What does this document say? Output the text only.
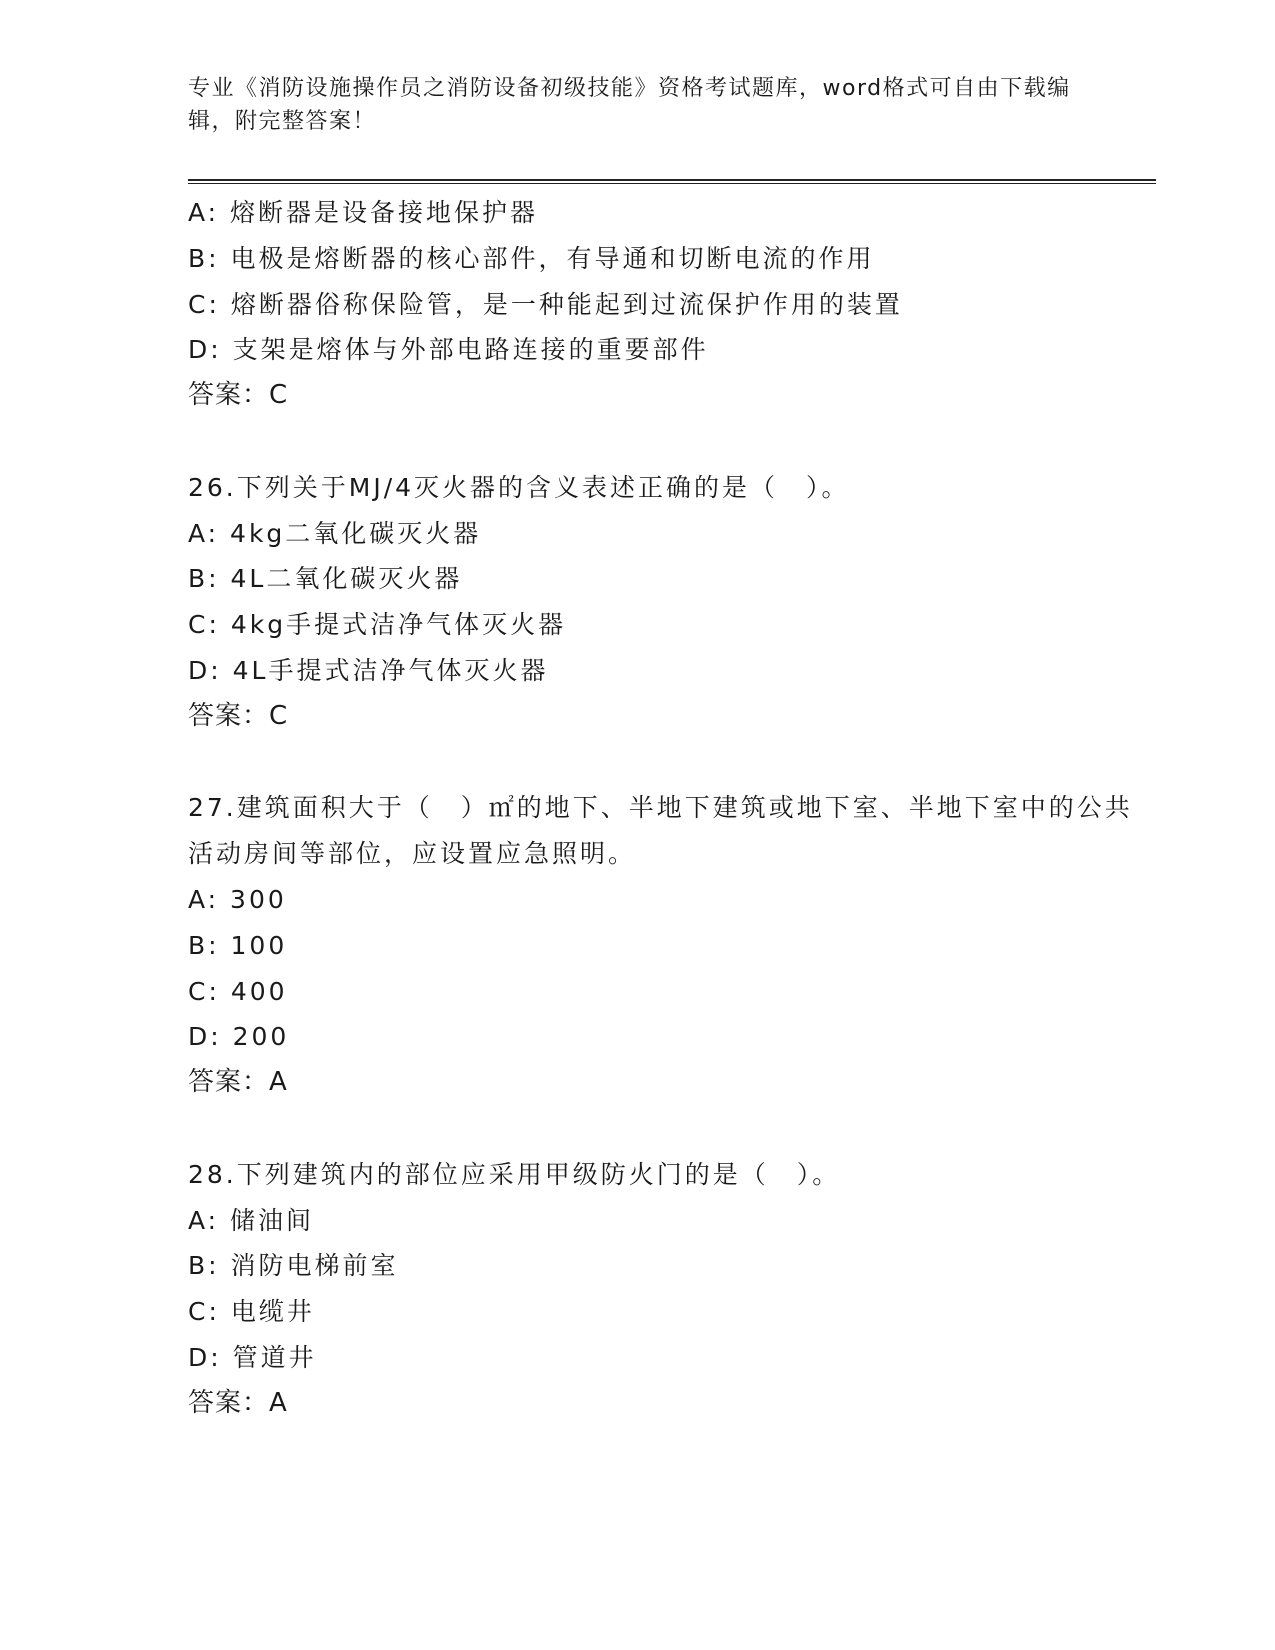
专业《消防设施操作员之消防设备初级技能》资格考试题库，word格式可自由下载编辑，附完整答案！
A: 熔断器是设备接地保护器
B: 电极是熔断器的核心部件，有导通和切断电流的作用
C: 熔断器俗称保险管，是一种能起到过流保护作用的装置
D: 支架是熔体与外部电路连接的重要部件
答案：C
26.下列关于MJ/4灭火器的含义表述正确的是（　）。
A: 4kg二氧化碳灭火器
B: 4L二氧化碳灭火器
C: 4kg手提式洁净气体灭火器
D: 4L手提式洁净气体灭火器
答案：C
27.建筑面积大于（　）㎡的地下、半地下建筑或地下室、半地下室中的公共活动房间等部位，应设置应急照明。
A: 300
B: 100
C: 400
D: 200
答案：A
28.下列建筑内的部位应采用甲级防火门的是（　）。
A: 储油间
B: 消防电梯前室
C: 电缆井
D: 管道井
答案：A
